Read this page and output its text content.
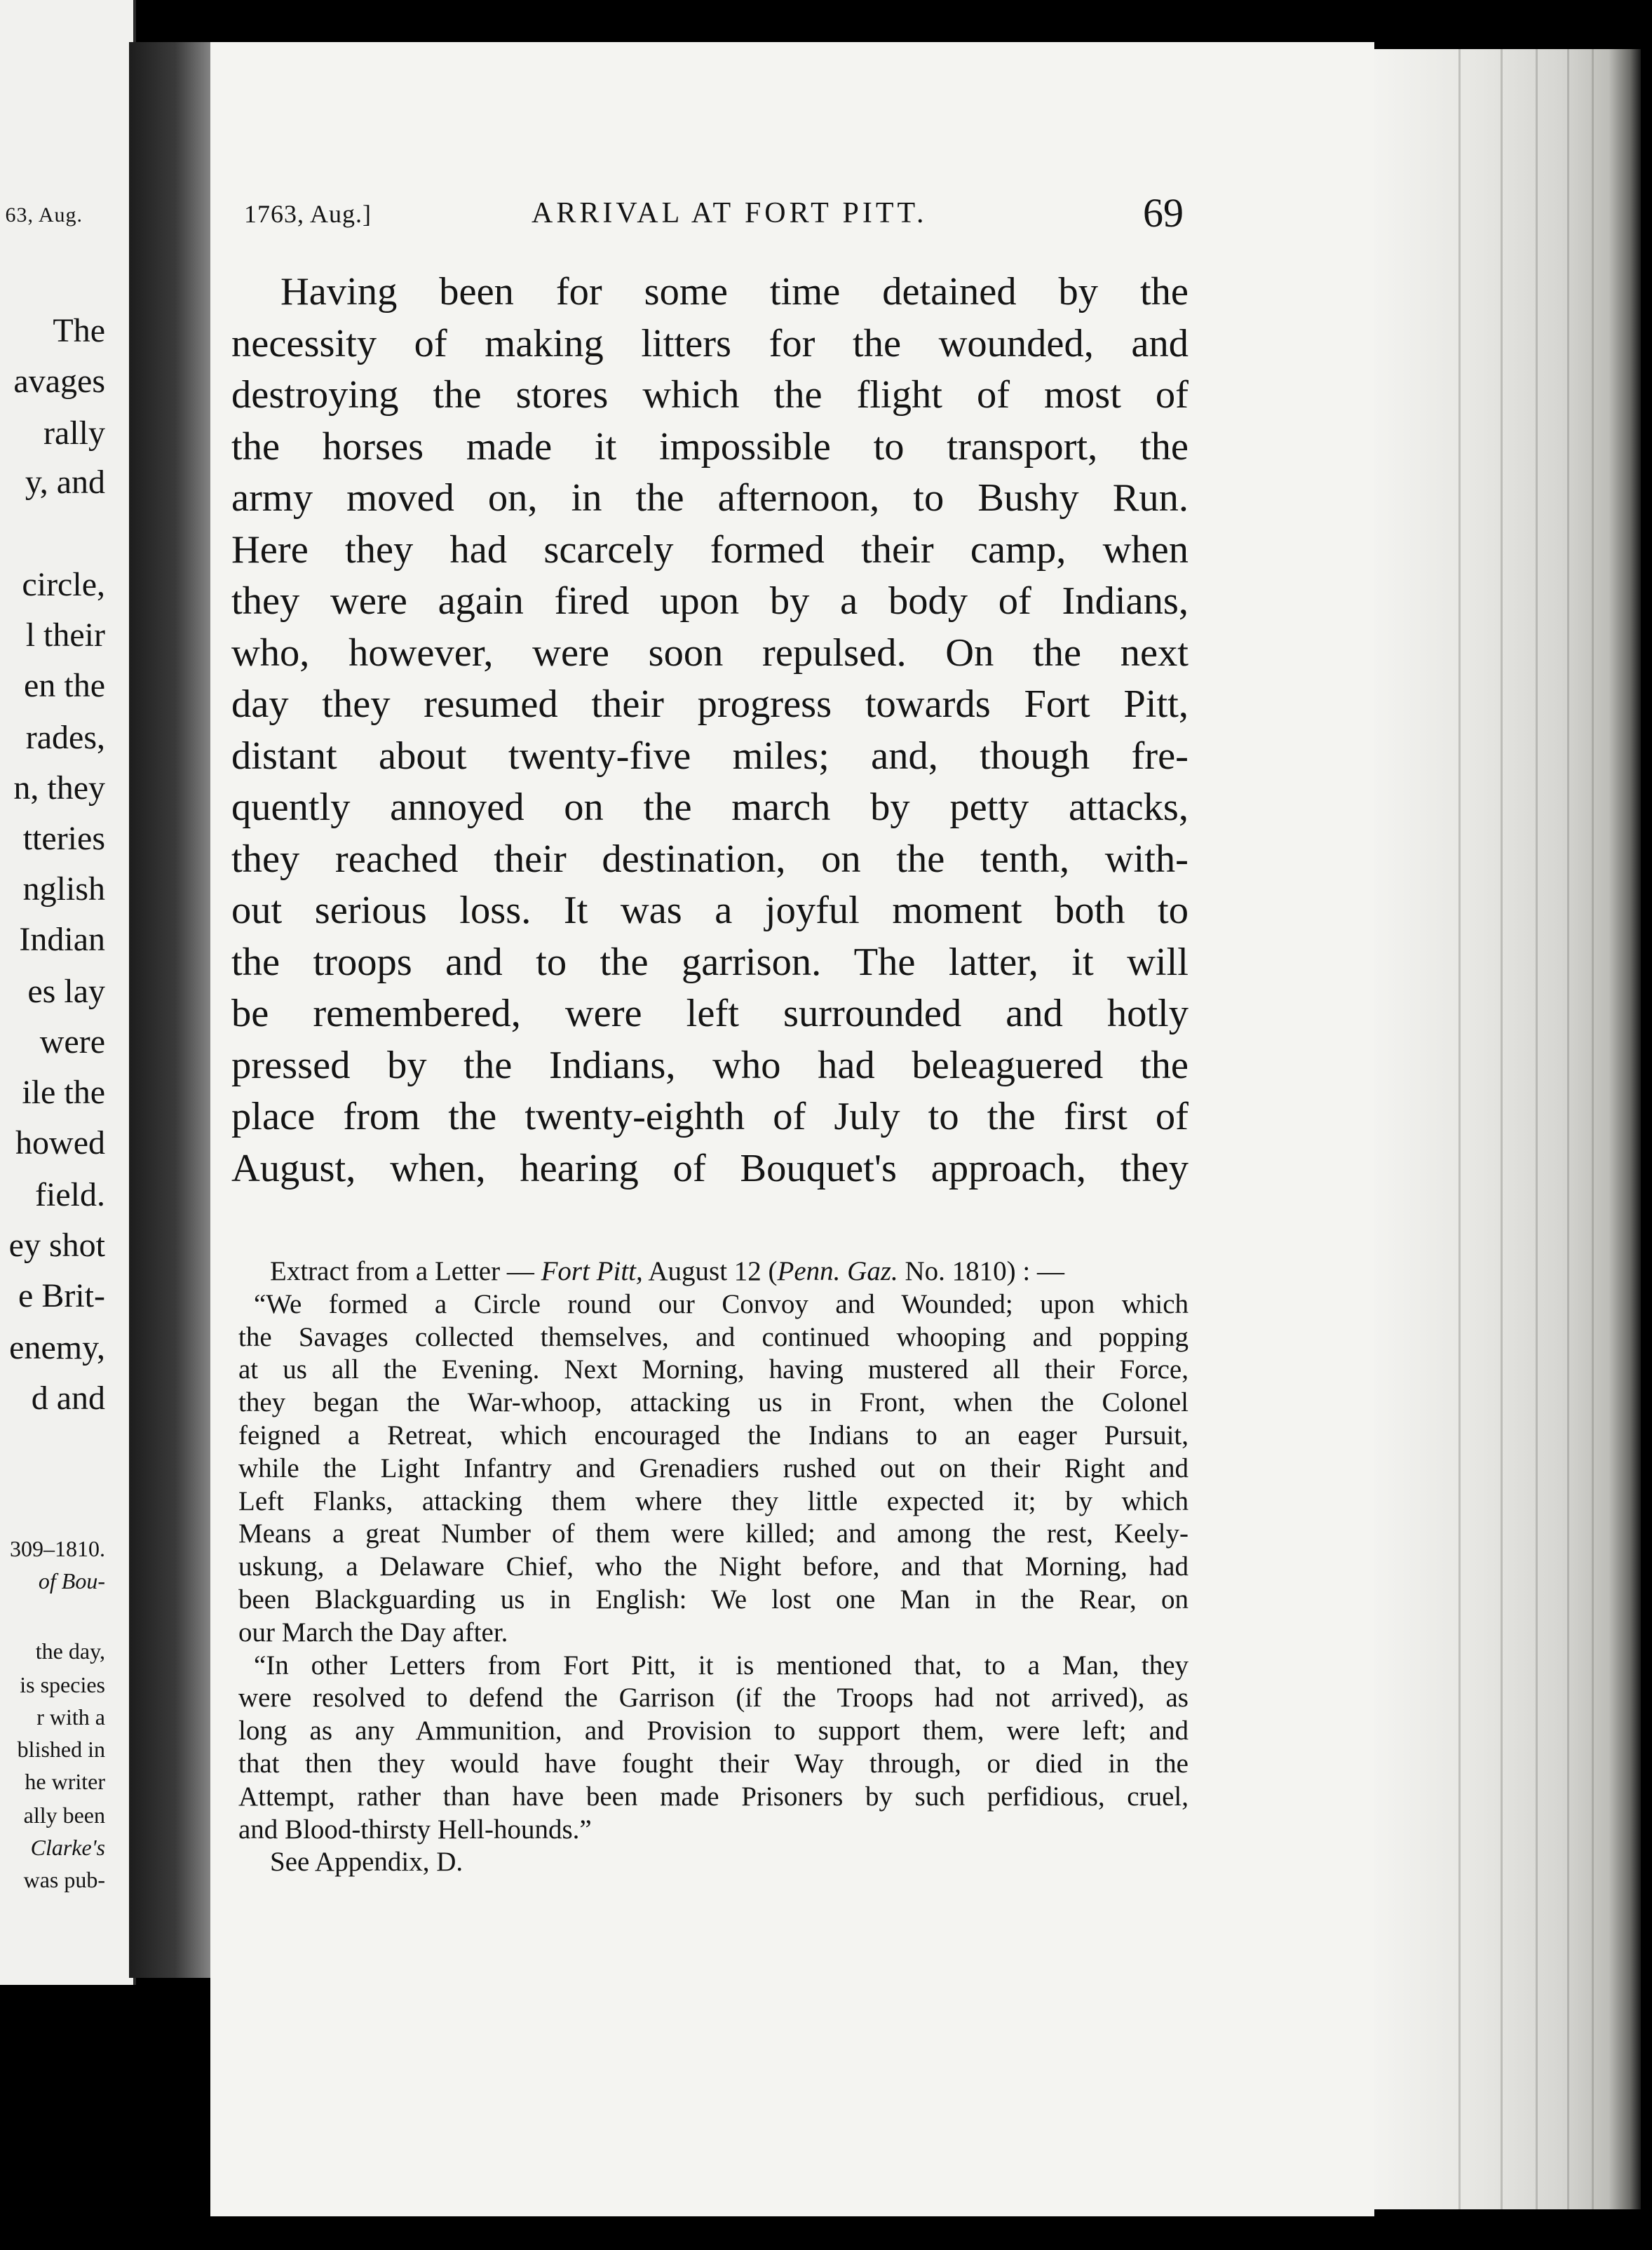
63, Aug.
The
avages
rally
y, and
circle,
l their
en the
rades,
n, they
tteries
nglish
Indian
es lay
were
ile the
howed
field.
ey shot
e Brit-
enemy,
d and
309–1810.
of Bou-
the day,
is species
r with a
blished in
he writer
ally been
Clarke's
was pub-
1763, Aug.]	ARRIVAL AT FORT PITT.	69
Having been for some time detained by the
necessity of making litters for the wounded, and
destroying the stores which the flight of most of
the horses made it impossible to transport, the
army moved on, in the afternoon, to Bushy Run.
Here they had scarcely formed their camp, when
they were again fired upon by a body of Indians,
who, however, were soon repulsed. On the next
day they resumed their progress towards Fort Pitt,
distant about twenty-five miles; and, though fre-
quently annoyed on the march by petty attacks,
they reached their destination, on the tenth, with-
out serious loss. It was a joyful moment both to
the troops and to the garrison. The latter, it will
be remembered, were left surrounded and hotly
pressed by the Indians, who had beleaguered the
place from the twenty-eighth of July to the first of
August, when, hearing of Bouquet's approach, they
Extract from a Letter — Fort Pitt, August 12 (Penn. Gaz. No. 1810) : —
“We formed a Circle round our Convoy and Wounded; upon which
the Savages collected themselves, and continued whooping and popping
at us all the Evening. Next Morning, having mustered all their Force,
they began the War-whoop, attacking us in Front, when the Colonel
feigned a Retreat, which encouraged the Indians to an eager Pursuit,
while the Light Infantry and Grenadiers rushed out on their Right and
Left Flanks, attacking them where they little expected it; by which
Means a great Number of them were killed; and among the rest, Keely-
uskung, a Delaware Chief, who the Night before, and that Morning, had
been Blackguarding us in English: We lost one Man in the Rear, on
our March the Day after.
“In other Letters from Fort Pitt, it is mentioned that, to a Man, they
were resolved to defend the Garrison (if the Troops had not arrived), as
long as any Ammunition, and Provision to support them, were left; and
that then they would have fought their Way through, or died in the
Attempt, rather than have been made Prisoners by such perfidious, cruel,
and Blood-thirsty Hell-hounds.”
See Appendix, D.
